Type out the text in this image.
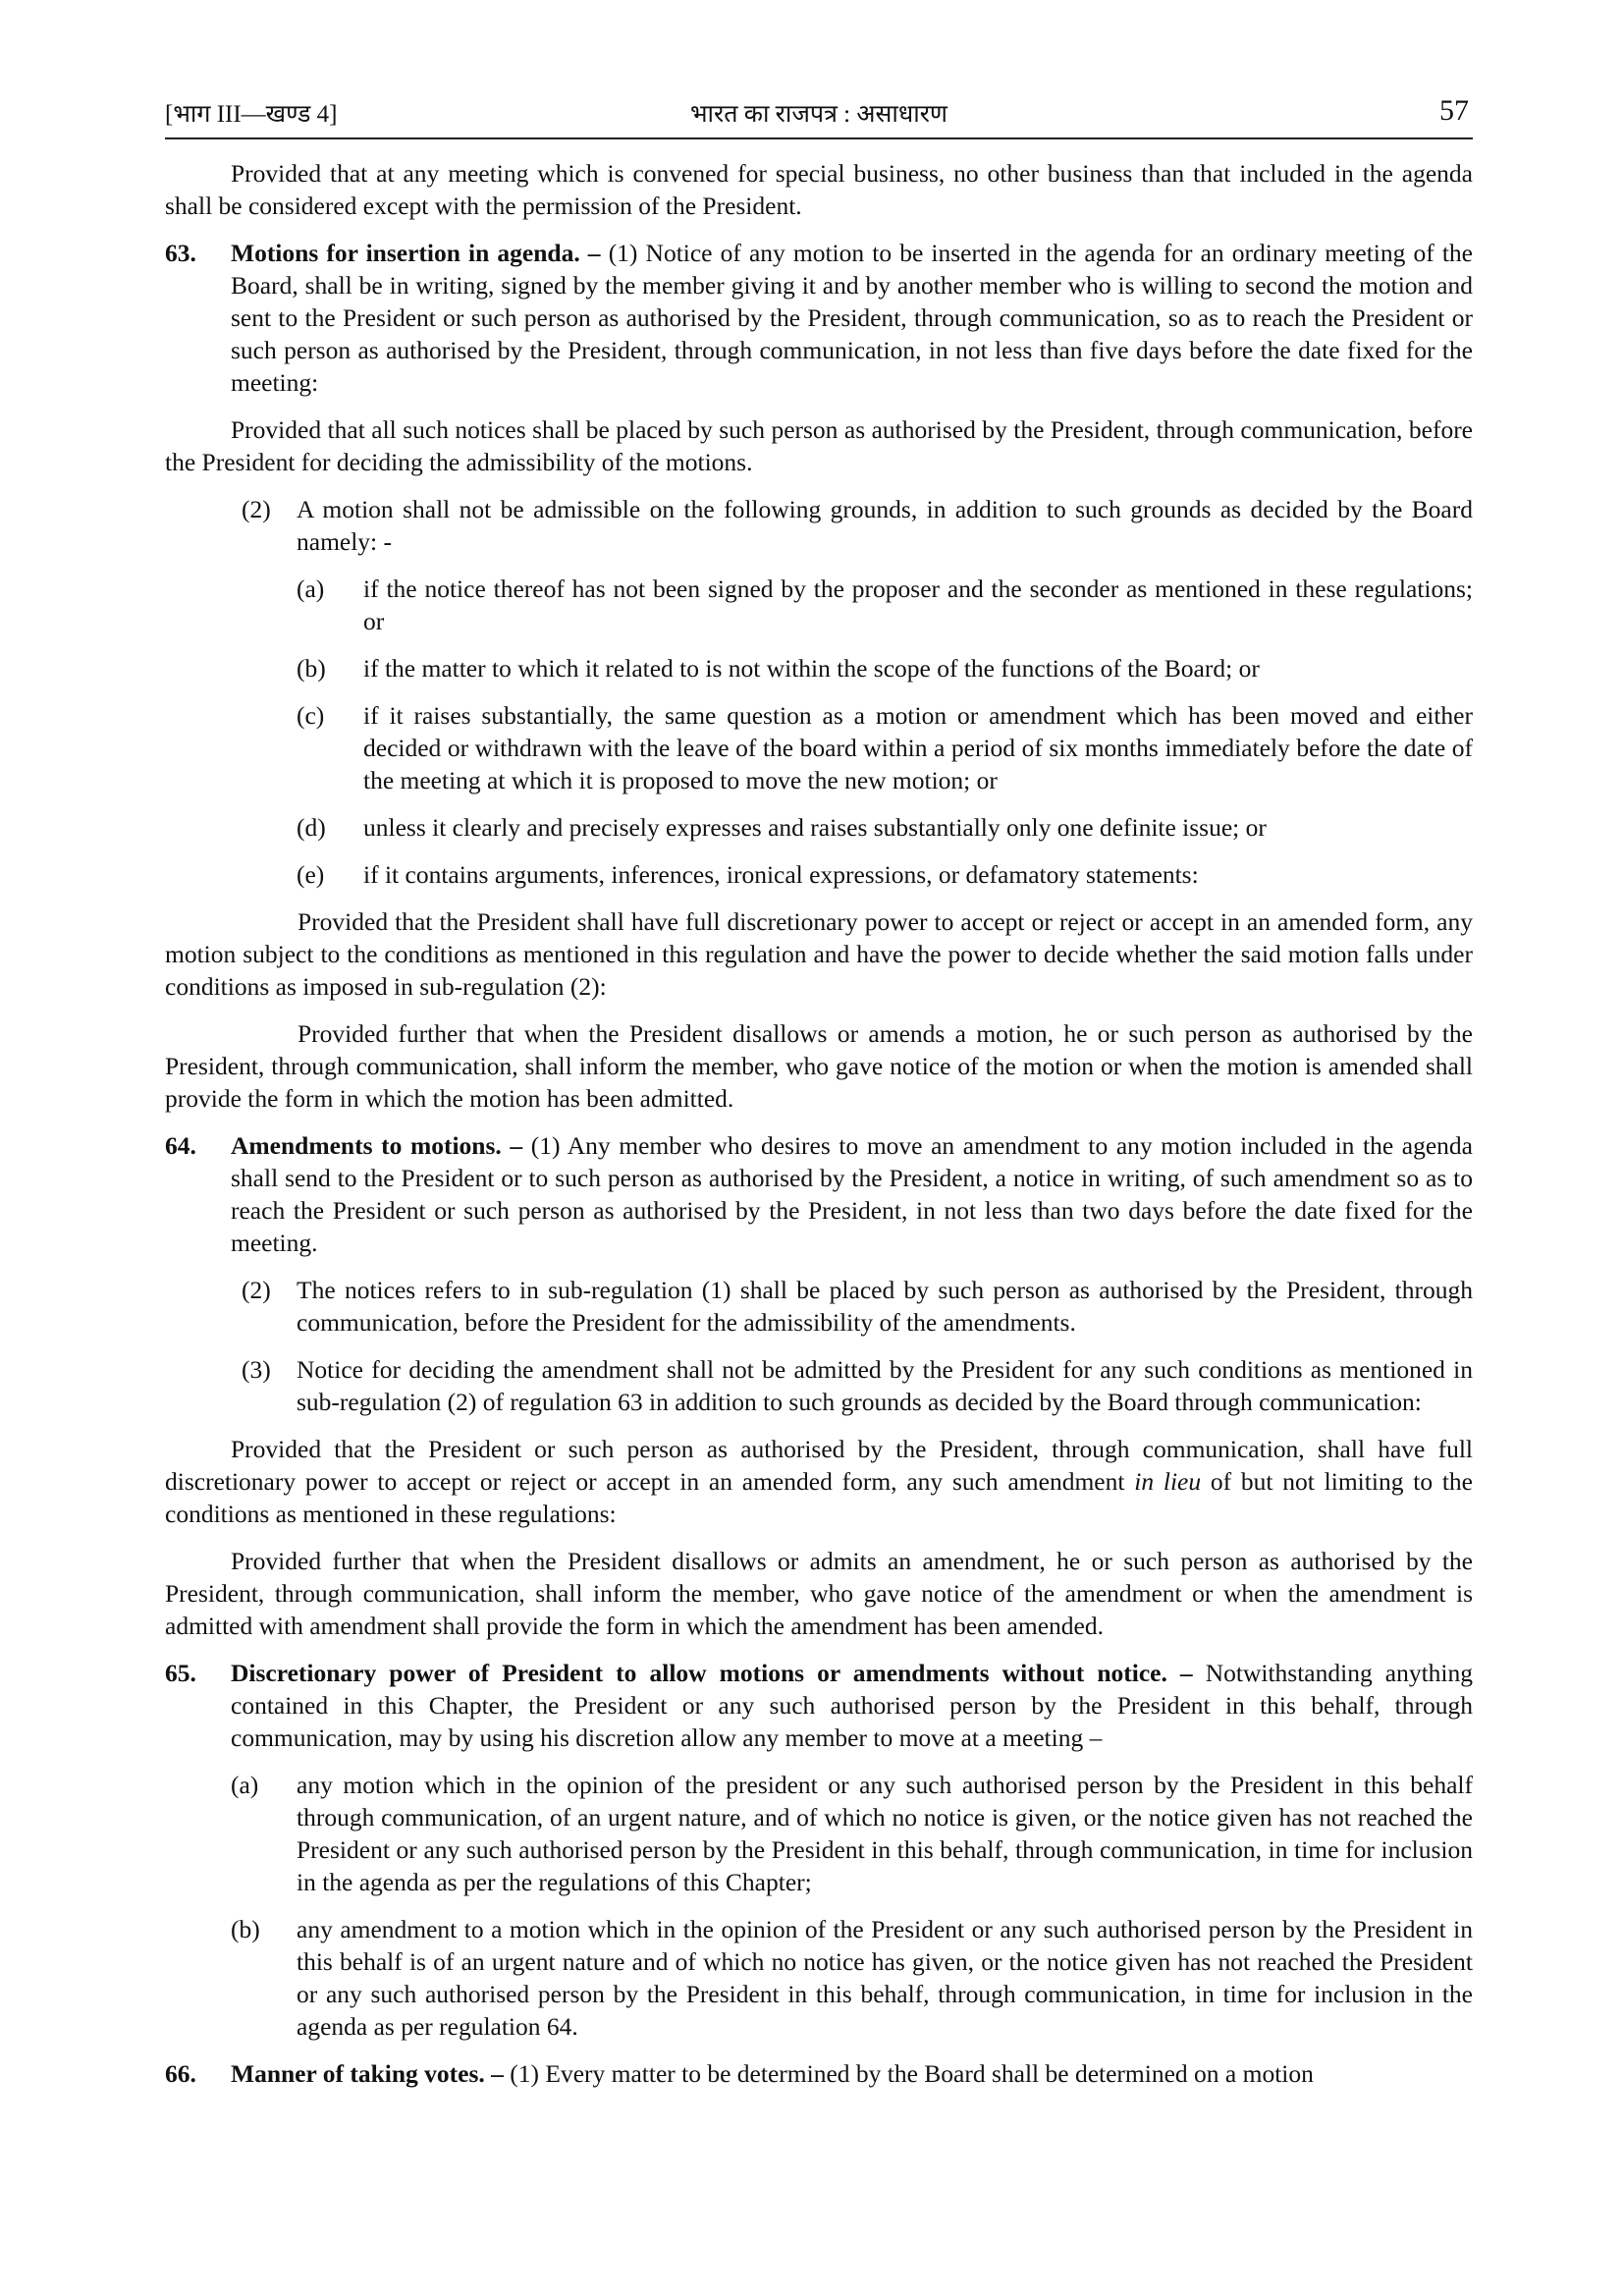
[भाग III—खण्ड 4]	भारत का राजपत्र : असाधारण	57

Provided that at any meeting which is convened for special business, no other business than that included in the agenda shall be considered except with the permission of the President.

63. Motions for insertion in agenda. – (1) Notice of any motion to be inserted in the agenda for an ordinary meeting of the Board, shall be in writing, signed by the member giving it and by another member who is willing to second the motion and sent to the President or such person as authorised by the President, through communication, so as to reach the President or such person as authorised by the President, through communication, in not less than five days before the date fixed for the meeting:

Provided that all such notices shall be placed by such person as authorised by the President, through communication, before the President for deciding the admissibility of the motions.

(2) A motion shall not be admissible on the following grounds, in addition to such grounds as decided by the Board namely: -
(a) if the notice thereof has not been signed by the proposer and the seconder as mentioned in these regulations; or
(b) if the matter to which it related to is not within the scope of the functions of the Board; or
(c) if it raises substantially, the same question as a motion or amendment which has been moved and either decided or withdrawn with the leave of the board within a period of six months immediately before the date of the meeting at which it is proposed to move the new motion; or
(d) unless it clearly and precisely expresses and raises substantially only one definite issue; or
(e) if it contains arguments, inferences, ironical expressions, or defamatory statements:

Provided that the President shall have full discretionary power to accept or reject or accept in an amended form, any motion subject to the conditions as mentioned in this regulation and have the power to decide whether the said motion falls under conditions as imposed in sub-regulation (2):

Provided further that when the President disallows or amends a motion, he or such person as authorised by the President, through communication, shall inform the member, who gave notice of the motion or when the motion is amended shall provide the form in which the motion has been admitted.

64. Amendments to motions. – (1) Any member who desires to move an amendment to any motion included in the agenda shall send to the President or to such person as authorised by the President, a notice in writing, of such amendment so as to reach the President or such person as authorised by the President, in not less than two days before the date fixed for the meeting.
(2) The notices refers to in sub-regulation (1) shall be placed by such person as authorised by the President, through communication, before the President for the admissibility of the amendments.
(3) Notice for deciding the amendment shall not be admitted by the President for any such conditions as mentioned in sub-regulation (2) of regulation 63 in addition to such grounds as decided by the Board through communication:

Provided that the President or such person as authorised by the President, through communication, shall have full discretionary power to accept or reject or accept in an amended form, any such amendment in lieu of but not limiting to the conditions as mentioned in these regulations:

Provided further that when the President disallows or admits an amendment, he or such person as authorised by the President, through communication, shall inform the member, who gave notice of the amendment or when the amendment is admitted with amendment shall provide the form in which the amendment has been amended.

65. Discretionary power of President to allow motions or amendments without notice. – Notwithstanding anything contained in this Chapter, the President or any such authorised person by the President in this behalf, through communication, may by using his discretion allow any member to move at a meeting –
(a) any motion which in the opinion of the president or any such authorised person by the President in this behalf through communication, of an urgent nature, and of which no notice is given, or the notice given has not reached the President or any such authorised person by the President in this behalf, through communication, in time for inclusion in the agenda as per the regulations of this Chapter;
(b) any amendment to a motion which in the opinion of the President or any such authorised person by the President in this behalf is of an urgent nature and of which no notice has given, or the notice given has not reached the President or any such authorised person by the President in this behalf, through communication, in time for inclusion in the agenda as per regulation 64.
66. Manner of taking votes. – (1) Every matter to be determined by the Board shall be determined on a motion
